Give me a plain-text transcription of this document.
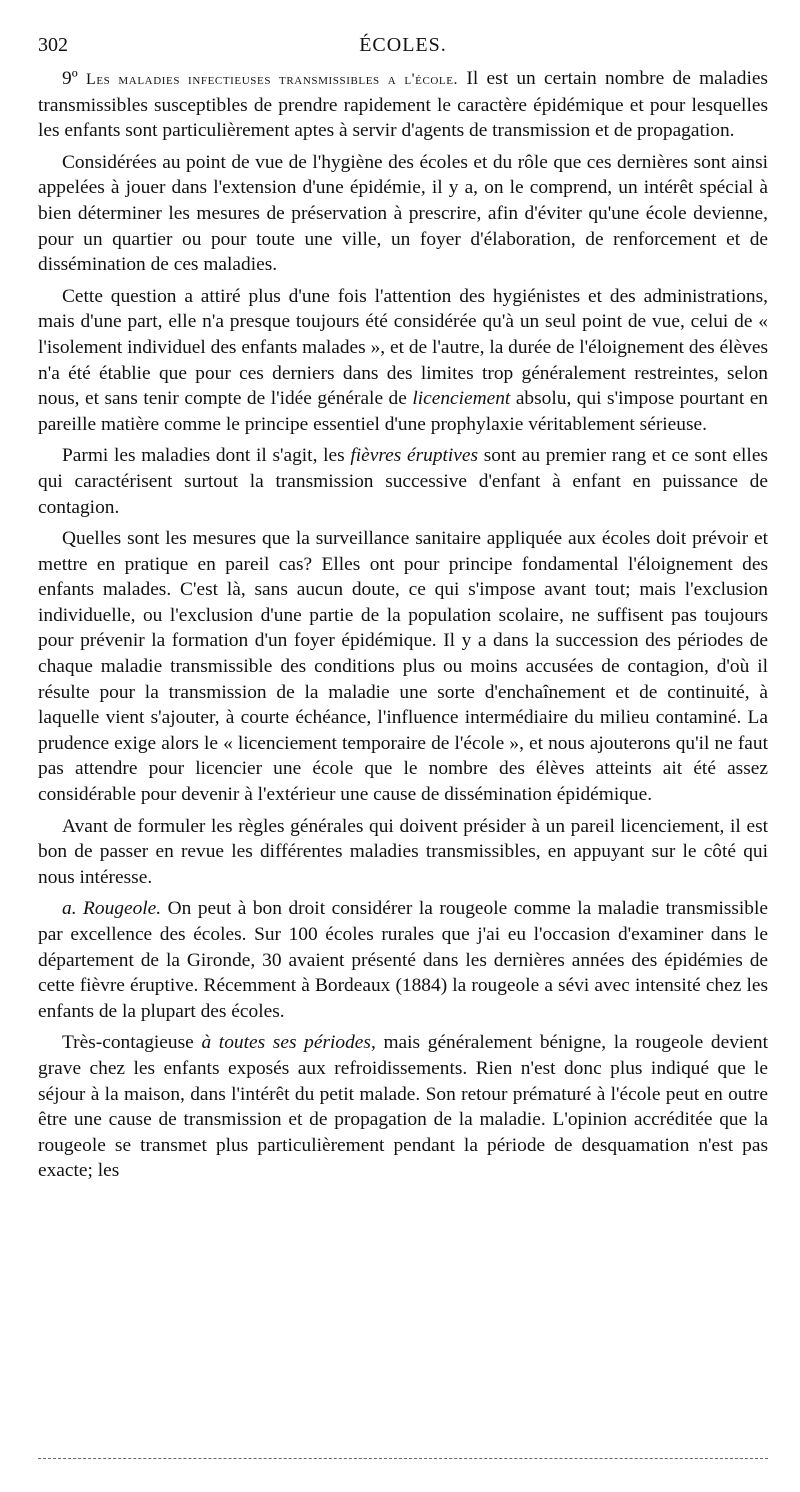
302	ÉCOLES.

9º Les maladies infectieuses transmissibles a l'école. Il est un certain nombre de maladies transmissibles susceptibles de prendre rapidement le caractère épidémique et pour lesquelles les enfants sont particulièrement aptes à servir d'agents de transmission et de propagation.

Considérées au point de vue de l'hygiène des écoles et du rôle que ces dernières sont ainsi appelées à jouer dans l'extension d'une épidémie, il y a, on le comprend, un intérêt spécial à bien déterminer les mesures de préservation à prescrire, afin d'éviter qu'une école devienne, pour un quartier ou pour toute une ville, un foyer d'élaboration, de renforcement et de dissémination de ces maladies.

Cette question a attiré plus d'une fois l'attention des hygiénistes et des administrations, mais d'une part, elle n'a presque toujours été considérée qu'à un seul point de vue, celui de « l'isolement individuel des enfants malades », et de l'autre, la durée de l'éloignement des élèves n'a été établie que pour ces derniers dans des limites trop généralement restreintes, selon nous, et sans tenir compte de l'idée générale de licenciement absolu, qui s'impose pourtant en pareille matière comme le principe essentiel d'une prophylaxie véritablement sérieuse.

Parmi les maladies dont il s'agit, les fièvres éruptives sont au premier rang et ce sont elles qui caractérisent surtout la transmission successive d'enfant à enfant en puissance de contagion.

Quelles sont les mesures que la surveillance sanitaire appliquée aux écoles doit prévoir et mettre en pratique en pareil cas? Elles ont pour principe fondamental l'éloignement des enfants malades. C'est là, sans aucun doute, ce qui s'impose avant tout; mais l'exclusion individuelle, ou l'exclusion d'une partie de la population scolaire, ne suffisent pas toujours pour prévenir la formation d'un foyer épidémique. Il y a dans la succession des périodes de chaque maladie transmissible des conditions plus ou moins accusées de contagion, d'où il résulte pour la transmission de la maladie une sorte d'enchaînement et de continuité, à laquelle vient s'ajouter, à courte échéance, l'influence intermédiaire du milieu contaminé. La prudence exige alors le « licenciement temporaire de l'école », et nous ajouterons qu'il ne faut pas attendre pour licencier une école que le nombre des élèves atteints ait été assez considérable pour devenir à l'extérieur une cause de dissémination épidémique.

Avant de formuler les règles générales qui doivent présider à un pareil licenciement, il est bon de passer en revue les différentes maladies transmissibles, en appuyant sur le côté qui nous intéresse.

a. Rougeole. On peut à bon droit considérer la rougeole comme la maladie transmissible par excellence des écoles. Sur 100 écoles rurales que j'ai eu l'occasion d'examiner dans le département de la Gironde, 30 avaient présenté dans les dernières années des épidémies de cette fièvre éruptive. Récemment à Bordeaux (1884) la rougeole a sévi avec intensité chez les enfants de la plupart des écoles.

Très-contagieuse à toutes ses périodes, mais généralement bénigne, la rougeole devient grave chez les enfants exposés aux refroidissements. Rien n'est donc plus indiqué que le séjour à la maison, dans l'intérêt du petit malade. Son retour prématuré à l'école peut en outre être une cause de transmission et de propagation de la maladie. L'opinion accréditée que la rougeole se transmet plus particulièrement pendant la période de desquamation n'est pas exacte; les
